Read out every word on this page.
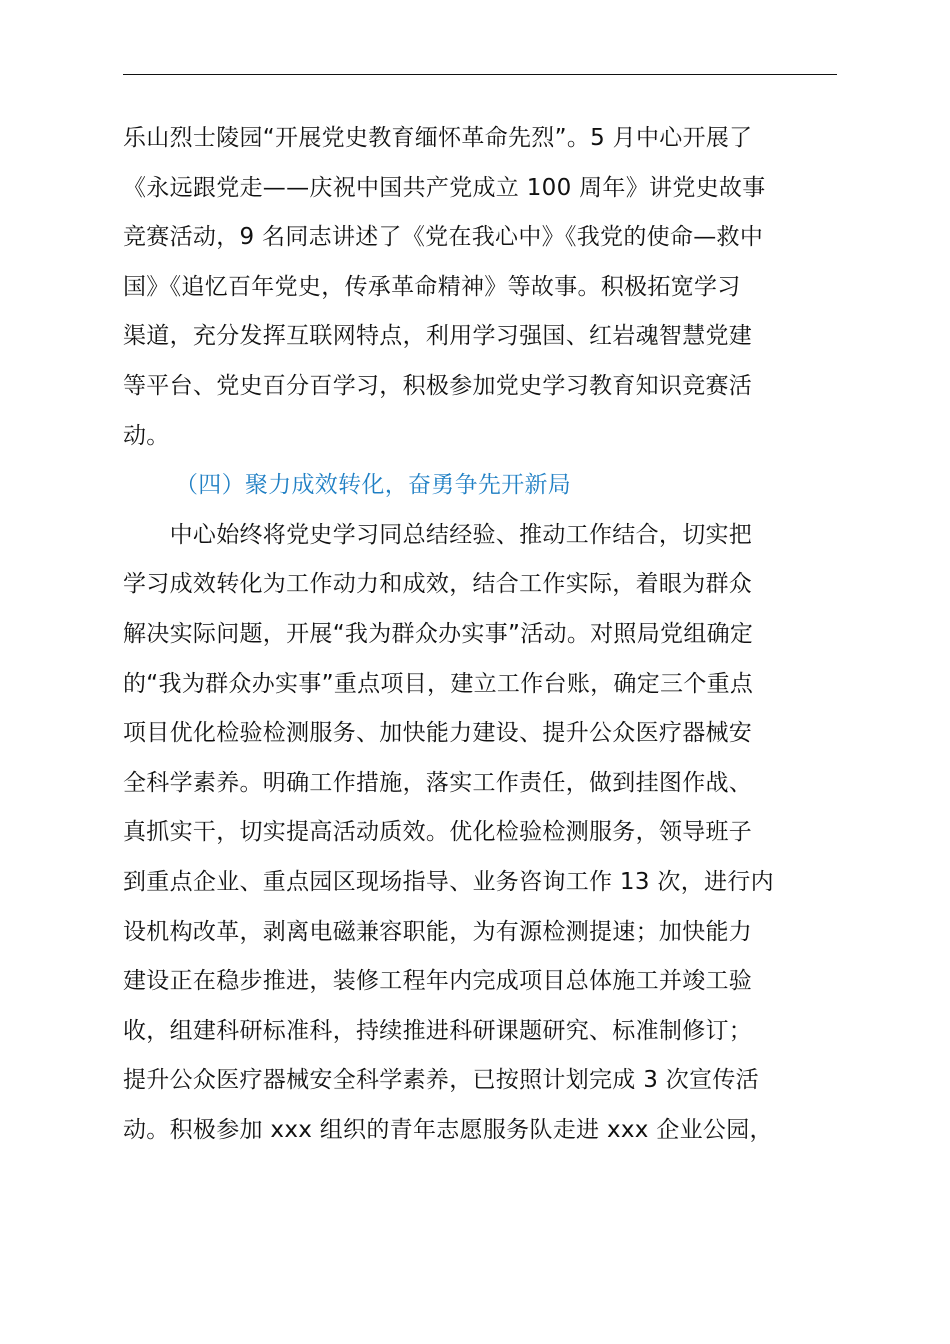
乐山烈士陵园“开展党史教育缅怀革命先烈”。5 月中心开展了
《永远跟党走——庆祝中国共产党成立 100 周年》讲党史故事
竞赛活动，9 名同志讲述了《党在我心中》《我党的使命—救中
国》《追忆百年党史，传承革命精神》等故事。积极拓宽学习
渠道，充分发挥互联网特点，利用学习强国、红岩魂智慧党建
等平台、党史百分百学习，积极参加党史学习教育知识竞赛活
动。
（四）聚力成效转化，奋勇争先开新局
　　中心始终将党史学习同总结经验、推动工作结合，切实把
学习成效转化为工作动力和成效，结合工作实际，着眼为群众
解决实际问题，开展“我为群众办实事”活动。对照局党组确定
的“我为群众办实事”重点项目，建立工作台账，确定三个重点
项目优化检验检测服务、加快能力建设、提升公众医疗器械安
全科学素养。明确工作措施，落实工作责任，做到挂图作战、
真抓实干，切实提高活动质效。优化检验检测服务，领导班子
到重点企业、重点园区现场指导、业务咨询工作 13 次，进行内
设机构改革，剥离电磁兼容职能，为有源检测提速；加快能力
建设正在稳步推进，装修工程年内完成项目总体施工并竣工验
收，组建科研标准科，持续推进科研课题研究、标准制修订；
提升公众医疗器械安全科学素养，已按照计划完成 3 次宣传活
动。积极参加 xxx 组织的青年志愿服务队走进 xxx 企业公园，
